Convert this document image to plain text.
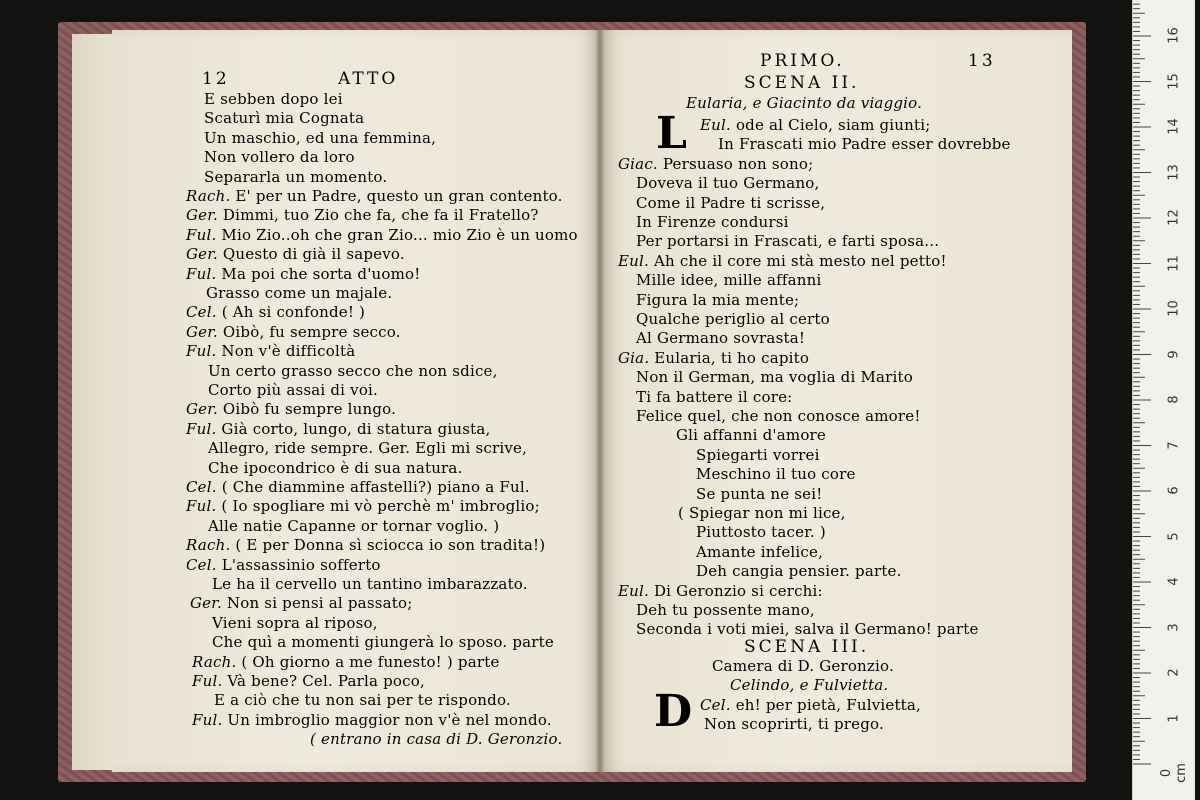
12	ATTO
E sebben dopo lei
Scaturì mia Cognata
Un maschio, ed una femmina,
Non vollero da loro
Separarla un momento.
Rach. E' per un Padre, questo un gran contento.
Ger. Dimmi, tuo Zio che fa, che fa il Fratello?
Ful. Mio Zio..oh che gran Zio... mio Zio è un uomo
Ger. Questo di già il sapevo.
Ful. Ma poi che sorta d'uomo!
Grasso come un majale.
Cel. ( Ah si confonde! )
Ger. Oibò, fu sempre secco.
Ful. Non v'è difficoltà
Un certo grasso secco che non sdice,
Corto più assai di voi.
Ger. Oibò fu sempre lungo.
Ful. Già corto, lungo, di statura giusta,
Allegro, ride sempre. Ger. Egli mi scrive,
Che ipocondrico è di sua natura.
Cel. ( Che diammine affastelli?) piano a Ful.
Ful. ( Io spogliare mi vò perchè m' imbroglio;
Alle natie Capanne or tornar voglio. )
Rach. ( E per Donna sì sciocca io son tradita!)
Cel. L'assassinio sofferto
Le ha il cervello un tantino imbarazzato.
Ger. Non si pensi al passato;
Vieni sopra al riposo,
Che quì a momenti giungerà lo sposo. parte
Rach. ( Oh giorno a me funesto! ) parte
Ful. Và bene? Cel. Parla poco,
E a ciò che tu non sai per te rispondo.
Ful. Un imbroglio maggior non v'è nel mondo.
( entrano in casa di D. Geronzio.
PRIMO.	13
SCENA II.
Eularia, e Giacinto da viaggio.
L Eul. ode al Cielo, siam giunti;
In Frascati mio Padre esser dovrebbe
Giac. Persuaso non sono;
Doveva il tuo Germano,
Come il Padre ti scrisse,
In Firenze condursi
Per portarsi in Frascati, e farti sposa...
Eul. Ah che il core mi stà mesto nel petto!
Mille idee, mille affanni
Figura la mia mente;
Qualche periglio al certo
Al Germano sovrasta!
Gia. Eularia, ti ho capito
Non il German, ma voglia di Marito
Ti fa battere il core:
Felice quel, che non conosce amore!
Gli affanni d'amore
Spiegarti vorrei
Meschino il tuo core
Se punta ne sei!
( Spiegar non mi lice,
Piuttosto tacer. )
Amante infelice,
Deh cangia pensier. parte.
Eul. Di Geronzio si cerchi:
Deh tu possente mano,
Seconda i voti miei, salva il Germano! parte
SCENA III.
Camera di D. Geronzio.
Celindo, e Fulvietta.
D Cel. eh! per pietà, Fulvietta,
Non scoprirti, ti prego.	1
2
3
4
5
6
7
8
9
10
11
12
13
14
15
16
0 cm
